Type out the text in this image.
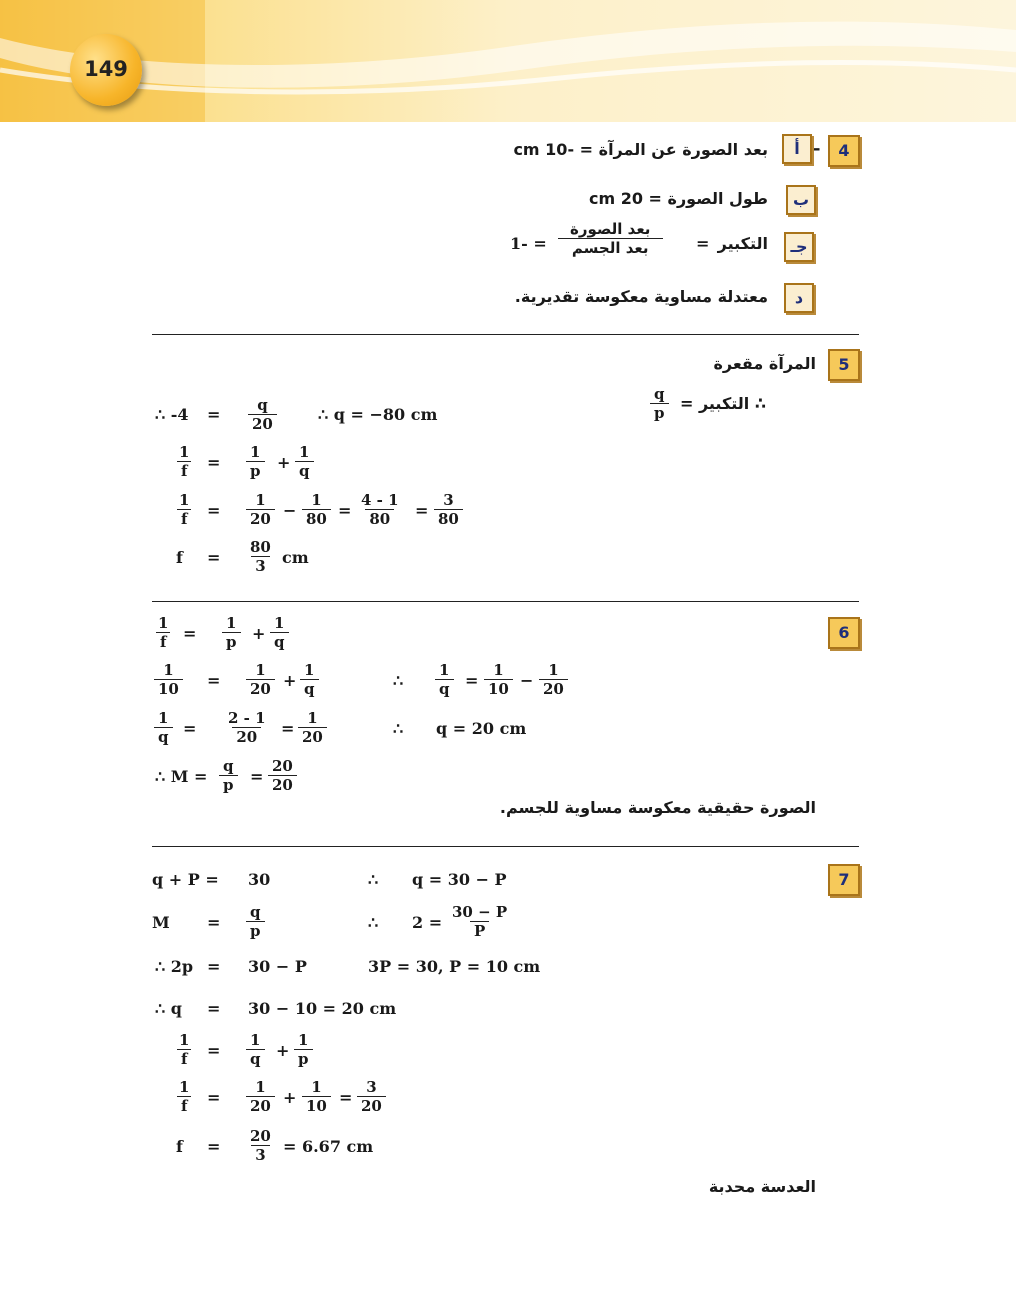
149
4
-
أ
بعد الصورة عن المرآة = -10 cm
ب
طول الصورة = 20 cm
جـ
التكبير
=
بعد الصورة
بعد الجسم
= -1
د
معتدلة مساوية معكوسة تقديرية.
5
المرآة مقعرة
∴ التكبير =
$\frac{q}{p}$
∴ $-4 = \frac{q}{20}$	∴ q = −80 cm
1
f =
1
p +
1
q
1
f =
1
20 −
1
80 =
4 - 1
80 =
3
80
$f = \frac{80}{3}$ cm
6
1
f =
1
p +
1
q
1
10 =
1
20 +
1
q	∴
1
q =
1
10 −
1
20
1
q =
2 - 1
20 =
1
20	∴ q = 20 cm
∴ M =
q
p =
20
20
الصورة حقيقية معكوسة مساوية للجسم.
7
q + P = 30	∴ q = 30 − P
M =
q
p	∴ 2 =
30 − P
P
∴ 2p = 30 − P	3P = 30, P = 10 cm
∴ q = 30 − 10 = 20 cm
1
f =
1
q +
1
p
1
f =
1
20 +
1
10 =
3
20
$f = \frac{20}{3} = 6.67$ cm
العدسة محدبة
